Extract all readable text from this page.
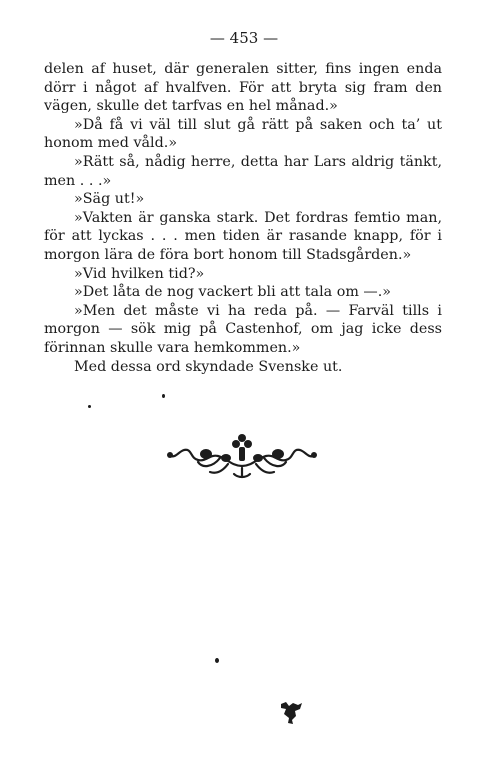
— 453 —

delen af huset, där generalen sitter, fins ingen enda dörr i något af hvalfven. För att bryta sig fram den vägen, skulle det tarfvas en hel månad.»

»Då få vi väl till slut gå rätt på saken och ta’ ut honom med våld.»

»Rätt så, nådig herre, detta har Lars aldrig tänkt, men . . .»

»Säg ut!»

»Vakten är ganska stark. Det fordras femtio man, för att lyckas . . . men tiden är rasande knapp, för i morgon lära de föra bort honom till Stadsgården.»

»Vid hvilken tid?»

»Det låta de nog vackert bli att tala om —.»

»Men det måste vi ha reda på. — Farväl tills i morgon — sök mig på Castenhof, om jag icke dess förinnan skulle vara hemkommen.»

Med dessa ord skyndade Svenske ut.
